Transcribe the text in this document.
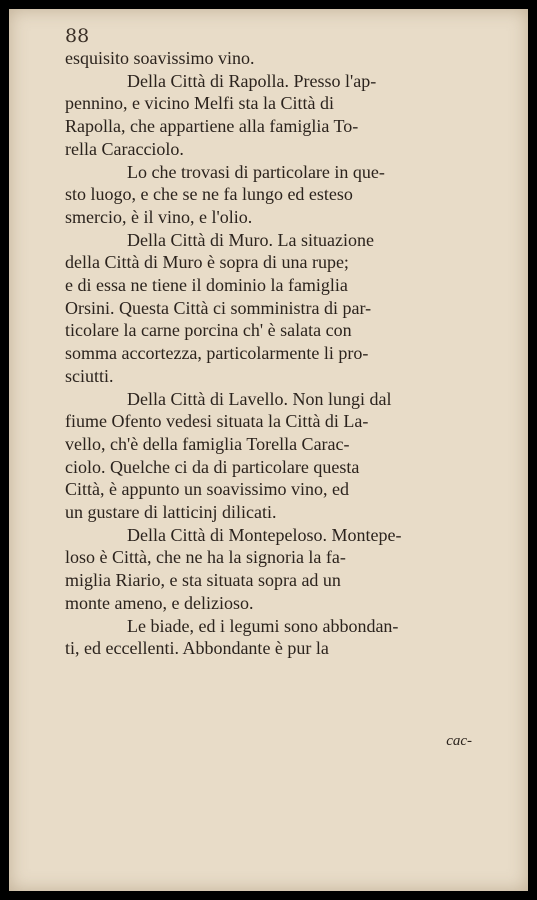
88
esquisito soavissimo vino.
Della Città di Rapolla. Presso l'ap-
pennino, e vicino Melfi sta la Città di
Rapolla, che appartiene alla famiglia To-
rella Caracciolo.
Lo che trovasi di particolare in que-
sto luogo, e che se ne fa lungo ed esteso
smercio, è il vino, e l'olio.
Della Città di Muro. La situazione
della Città di Muro è sopra di una rupe;
e di essa ne tiene il dominio la famiglia
Orsini. Questa Città ci somministra di par-
ticolare la carne porcina ch' è salata con
somma accortezza, particolarmente li pro-
sciutti.
Della Città di Lavello. Non lungi dal
fiume Ofento vedesi situata la Città di La-
vello, ch'è della famiglia Torella Carac-
ciolo. Quelche ci da di particolare questa
Città, è appunto un soavissimo vino, ed
un gustare di latticinj dilicati.
Della Città di Montepeloso. Montepe-
loso è Città, che ne ha la signoria la fa-
miglia Riario, e sta situata sopra ad un
monte ameno, e delizioso.
Le biade, ed i legumi sono abbondan-
ti, ed eccellenti. Abbondante è pur la
cac-
